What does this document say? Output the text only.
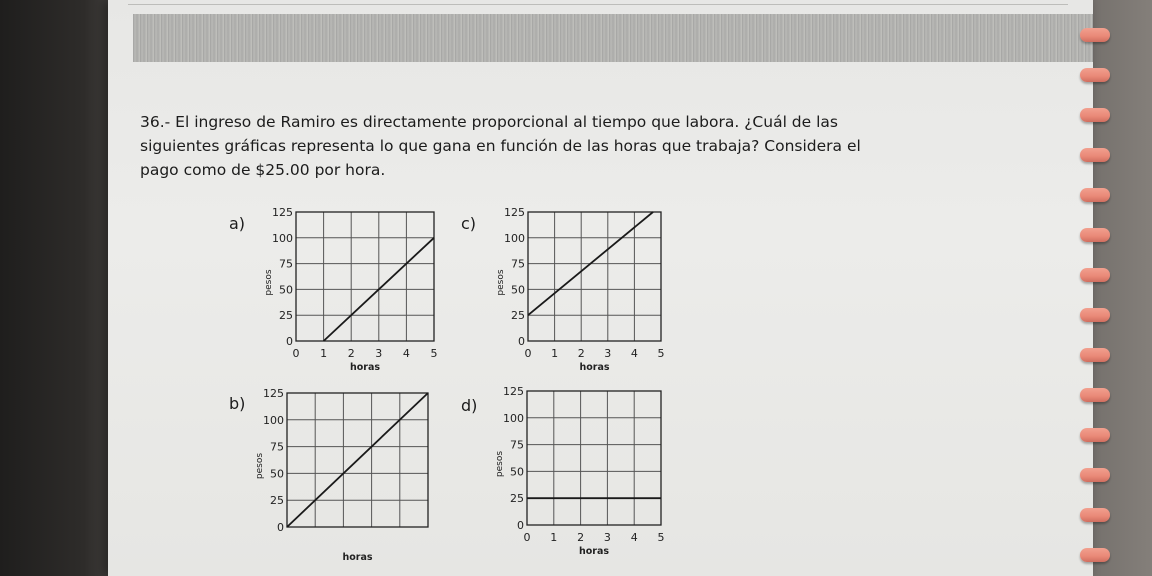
36.- El ingreso de Ramiro es directamente proporcional al tiempo que labora. ¿Cuál de las siguientes gráficas representa lo que gana en función de las horas que trabaja? Considera el pago como de $25.00 por hora.
a)	c)
b)	d)
0
25
50
75
100
125
0 1 2 3 4 5
horas
pesos
0
25
50
75
100
125
0 1 2 3 4 5
horas
pesos
0
25
50
75
100
125
horas
pesos
0
25
50
75
100
125
0 1 2 3 4 5
horas
pesos
